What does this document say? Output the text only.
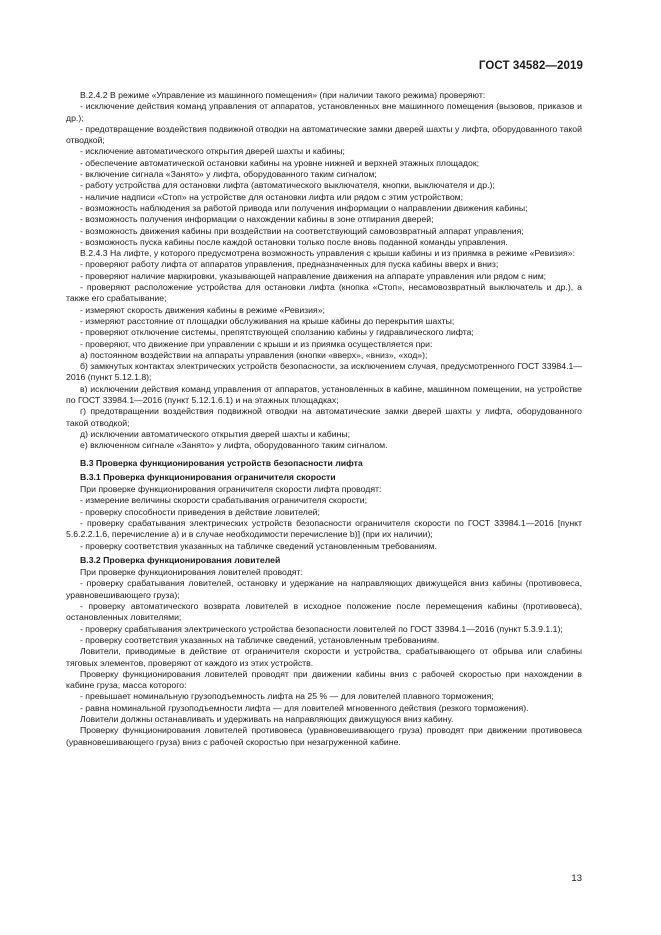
ГОСТ 34582—2019

B.2.4.2 В режиме «Управление из машинного помещения» (при наличии такого режима) проверяют:

- исключение действия команд управления от аппаратов, установленных вне машинного помещения (вызовов, приказов и др.);

- предотвращение воздействия подвижной отводки на автоматические замки дверей шахты у лифта, оборудованного такой отводкой;

- исключение автоматического открытия дверей шахты и кабины;

- обеспечение автоматической остановки кабины на уровне нижней и верхней этажных площадок;

- включение сигнала «Занято» у лифта, оборудованного таким сигналом;

- работу устройства для остановки лифта (автоматического выключателя, кнопки, выключателя и др.);

- наличие надписи «Стоп» на устройстве для остановки лифта или рядом с этим устройством;

- возможность наблюдения за работой привода или получения информации о направлении движения кабины;

- возможность получения информации о нахождении кабины в зоне отпирания дверей;

- возможность движения кабины при воздействии на соответствующий самовозвратный аппарат управления;

- возможность пуска кабины после каждой остановки только после вновь поданной команды управления.

B.2.4.3 На лифте, у которого предусмотрена возможность управления с крыши кабины и из приямка в режиме «Ревизия»:

- проверяют работу лифта от аппаратов управления, предназначенных для пуска кабины вверх и вниз;

- проверяют наличие маркировки, указывающей направление движения на аппарате управления или рядом с ним;

- проверяют расположение устройства для остановки лифта (кнопка «Стоп», несамовозвратный выключатель и др.), а также его срабатывание;

- измеряют скорость движения кабины в режиме «Ревизия»;

- измеряют расстояние от площадки обслуживания на крыше кабины до перекрытия шахты;

- проверяют отключение системы, препятствующей сползанию кабины у гидравлического лифта;

- проверяют, что движение при управлении с крыши и из приямка осуществляется при:

а) постоянном воздействии на аппараты управления (кнопки «вверх», «вниз», «ход»);

б) замкнутых контактах электрических устройств безопасности, за исключением случая, предусмотренного ГОСТ 33984.1—2016 (пункт 5.12.1.8);

в) исключении действия команд управления от аппаратов, установленных в кабине, машинном помещении, на устройстве по ГОСТ 33984.1—2016 (пункт 5.12.1.6.1) и на этажных площадках;

г) предотвращении воздействия подвижной отводки на автоматические замки дверей шахты у лифта, оборудованного такой отводкой;

д) исключении автоматического открытия дверей шахты и кабины;

е) включенном сигнале «Занято» у лифта, оборудованного таким сигналом.

B.3 Проверка функционирования устройств безопасности лифта

B.3.1 Проверка функционирования ограничителя скорости

При проверке функционирования ограничителя скорости лифта проводят:

- измерение величины скорости срабатывания ограничителя скорости;

- проверку способности приведения в действие ловителей;

- проверку срабатывания электрических устройств безопасности ограничителя скорости по ГОСТ 33984.1—2016 [пункт 5.6.2.2.1.6, перечисление а) и в случае необходимости перечисление b)] (при их наличии);

- проверку соответствия указанных на табличке сведений установленным требованиям.

B.3.2 Проверка функционирования ловителей

При проверке функционирования ловителей проводят:

- проверку срабатывания ловителей, остановку и удержание на направляющих движущейся вниз кабины (противовеса, уравновешивающего груза);

- проверку автоматического возврата ловителей в исходное положение после перемещения кабины (противовеса), остановленных ловителями;

- проверку срабатывания электрического устройства безопасности ловителей по ГОСТ 33984.1—2016 (пункт 5.3.9.1.1);

- проверку соответствия указанных на табличке сведений, установленным требованиям.

Ловители, приводимые в действие от ограничителя скорости и устройства, срабатывающего от обрыва или слабины тяговых элементов, проверяют от каждого из этих устройств.

Проверку функционирования ловителей проводят при движении кабины вниз с рабочей скоростью при нахождении в кабине груза, масса которого:

- превышает номинальную грузоподъемность лифта на 25 % — для ловителей плавного торможения;

- равна номинальной грузоподъемности лифта — для ловителей мгновенного действия (резкого торможения).

Ловители должны останавливать и удерживать на направляющих движущуюся вниз кабину.

Проверку функционирования ловителей противовеса (уравновешивающего груза) проводят при движении противовеса (уравновешивающего груза) вниз с рабочей скоростью при незагруженной кабине.

13
